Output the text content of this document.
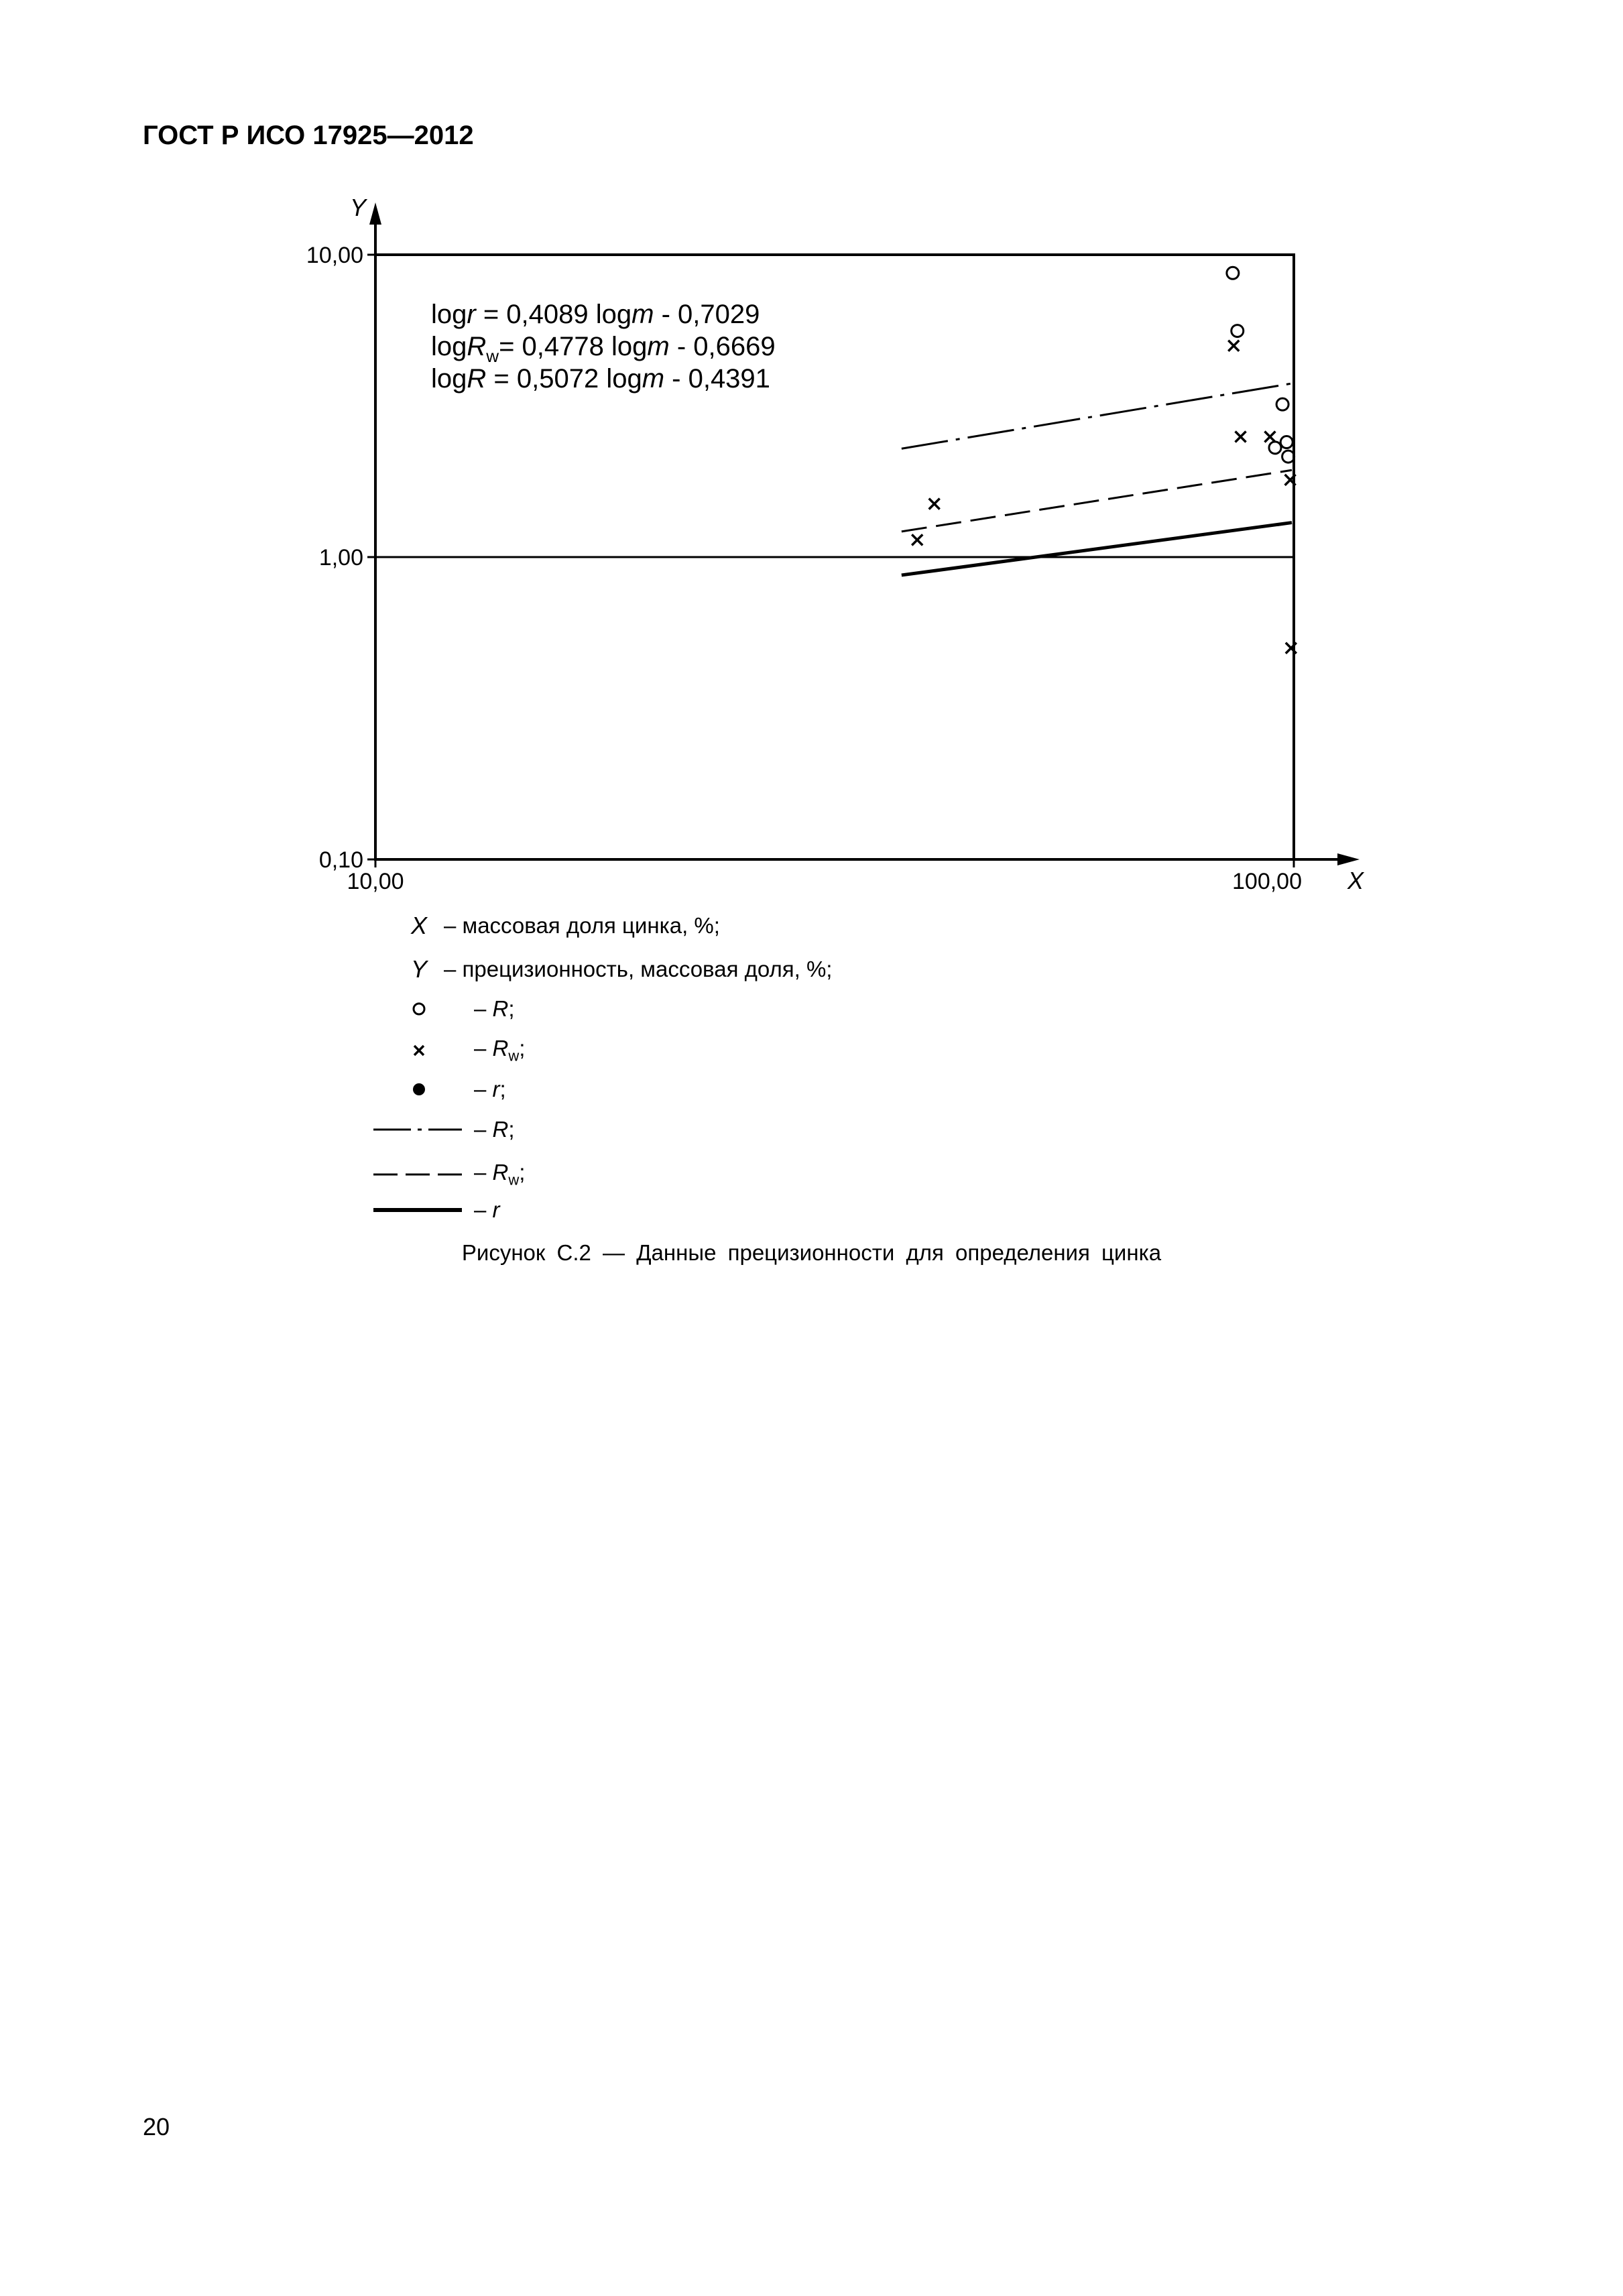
ГОСТ Р ИСО 17925—2012
Y
X
0,10
1,00
10,00
10,00	100,00
logr = 0,4089 logm - 0,7029
logR$_w$= 0,4778 logm - 0,6669
logR = 0,5072 logm - 0,4391
X – массовая доля цинка, %;
Y – прецизионность, массовая доля, %;
– R;
– $R_w$;
– r;
– R;
– $R_w$;
– r
Рисунок С.2 — Данные прецизионности для определения цинка
20
